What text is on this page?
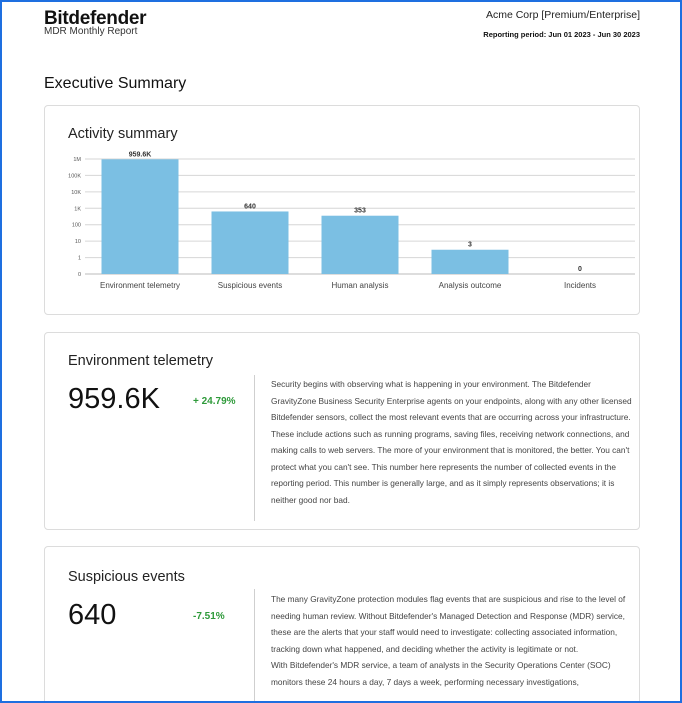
Bitdefender
MDR Monthly Report
Acme Corp [Premium/Enterprise]
Reporting period: Jun 01 2023 - Jun 30 2023
Executive Summary
Activity summary
1M
100K
10K
1K
100
10
1
0
959.6K
Environment telemetry
640
Suspicious events
353
Human analysis
3
Analysis outcome
0
Incidents
Environment telemetry
959.6K	+ 24.79%

Security begins with observing what is happening in your environment. The Bitdefender GravityZone Business Security Enterprise agents on your endpoints, along with any other licensed Bitdefender sensors, collect the most relevant events that are occurring across your infrastructure.

These include actions such as running programs, saving files, receiving network connections, and making calls to web servers. The more of your environment that is monitored, the better. You can't protect what you can't see. This number here represents the number of collected events in the reporting period. This number is generally large, and as it simply represents observations; it is neither good nor bad.

Suspicious events
640	-7.51%

The many GravityZone protection modules flag events that are suspicious and rise to the level of needing human review. Without Bitdefender's Managed Detection and Response (MDR) service, these are the alerts that your staff would need to investigate: collecting associated information, tracking down what happened, and deciding whether the activity is legitimate or not.

With Bitdefender's MDR service, a team of analysts in the Security Operations Center (SOC) monitors these 24 hours a day, 7 days a week, performing necessary investigations,
